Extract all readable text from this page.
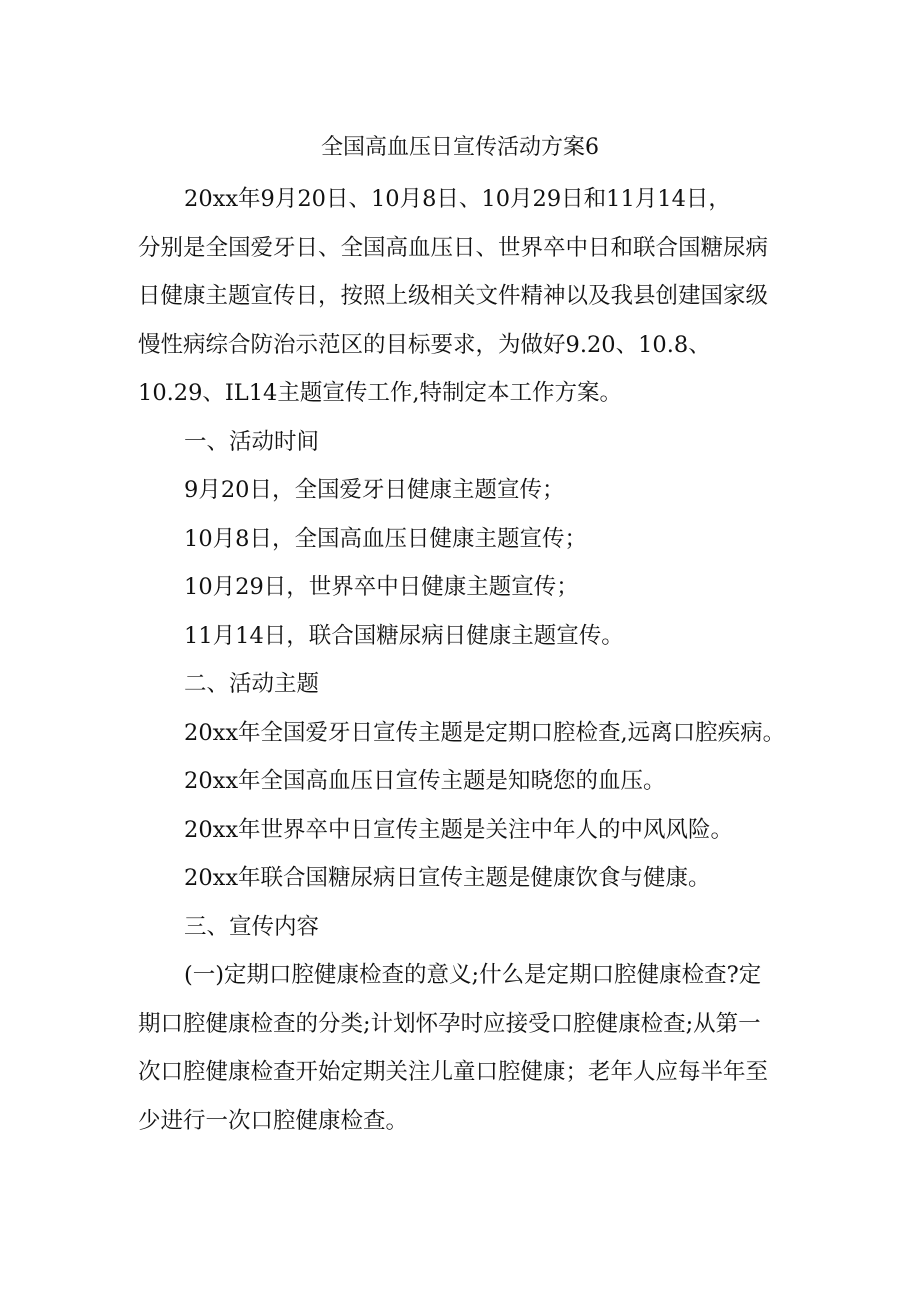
全国高血压日宣传活动方案6
20xx年9月20日、10月8日、10月29日和11月14日，
分别是全国爱牙日、全国高血压日、世界卒中日和联合国糖尿病
日健康主题宣传日，按照上级相关文件精神以及我县创建国家级
慢性病综合防治示范区的目标要求，为做好9.20、10.8、
10.29、IL14主题宣传工作,特制定本工作方案。
一、活动时间
9月20日，全国爱牙日健康主题宣传；
10月8日，全国高血压日健康主题宣传；
10月29日，世界卒中日健康主题宣传；
11月14日，联合国糖尿病日健康主题宣传。
二、活动主题
20xx年全国爱牙日宣传主题是定期口腔检查,远离口腔疾病。
20xx年全国高血压日宣传主题是知晓您的血压。
20xx年世界卒中日宣传主题是关注中年人的中风风险。
20xx年联合国糖尿病日宣传主题是健康饮食与健康。
三、宣传内容
(一)定期口腔健康检查的意义;什么是定期口腔健康检查?定
期口腔健康检查的分类;计划怀孕时应接受口腔健康检查;从第一
次口腔健康检查开始定期关注儿童口腔健康；老年人应每半年至
少进行一次口腔健康检查。
